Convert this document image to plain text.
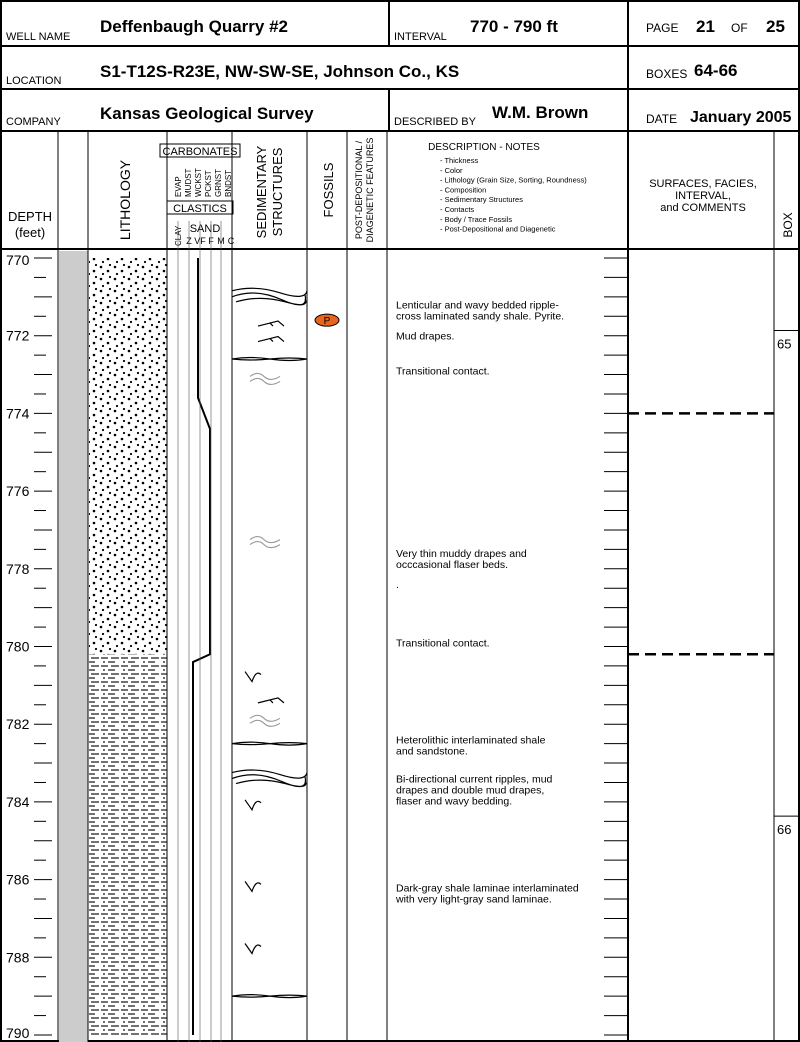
WELL NAME
Deffenbaugh Quarry #2
INTERVAL
770 - 790 ft	PAGE 21 OF 25
LOCATION S1-T12S-R23E, NW-SW-SE, Johnson Co., KS	BOXES 64-66
COMPANY Kansas Geological Survey	DESCRIBED BY W.M. Brown	DATE January 2005
DEPTH
(feet)	LITHOLOGY
CARBONATES
EVAP MUDST WCKST PCKST GRNST BNDST
CLASTICS
CLAY SAND
Z VF F M C
SEDIMENTARY STRUCTURES	FOSSILS POST-DEPOSITIONAL / DIAGENETIC FEATURES	DESCRIPTION - NOTES
- Thickness
- Color
- Lithology (Grain Size, Sorting, Roundness)
- Composition
- Sedimentary Structures
- Contacts
- Body / Trace Fossils
- Post-Depositional and Diagenetic
SURFACES, FACIES,
INTERVAL,
and COMMENTS
BOX
770
772
774
776
778
780
782
784
786
788
790
P
Lenticular and wavy bedded ripple-
cross laminated sandy shale. Pyrite.
Mud drapes.
Transitional contact.
Very thin muddy drapes and
occcasional flaser beds.
.
Transitional contact.
Heterolithic interlaminated shale
and sandstone.
Bi-directional current ripples, mud
drapes and double mud drapes,
flaser and wavy bedding.
Dark-gray shale laminae interlaminated
with very light-gray sand laminae.
65
66
